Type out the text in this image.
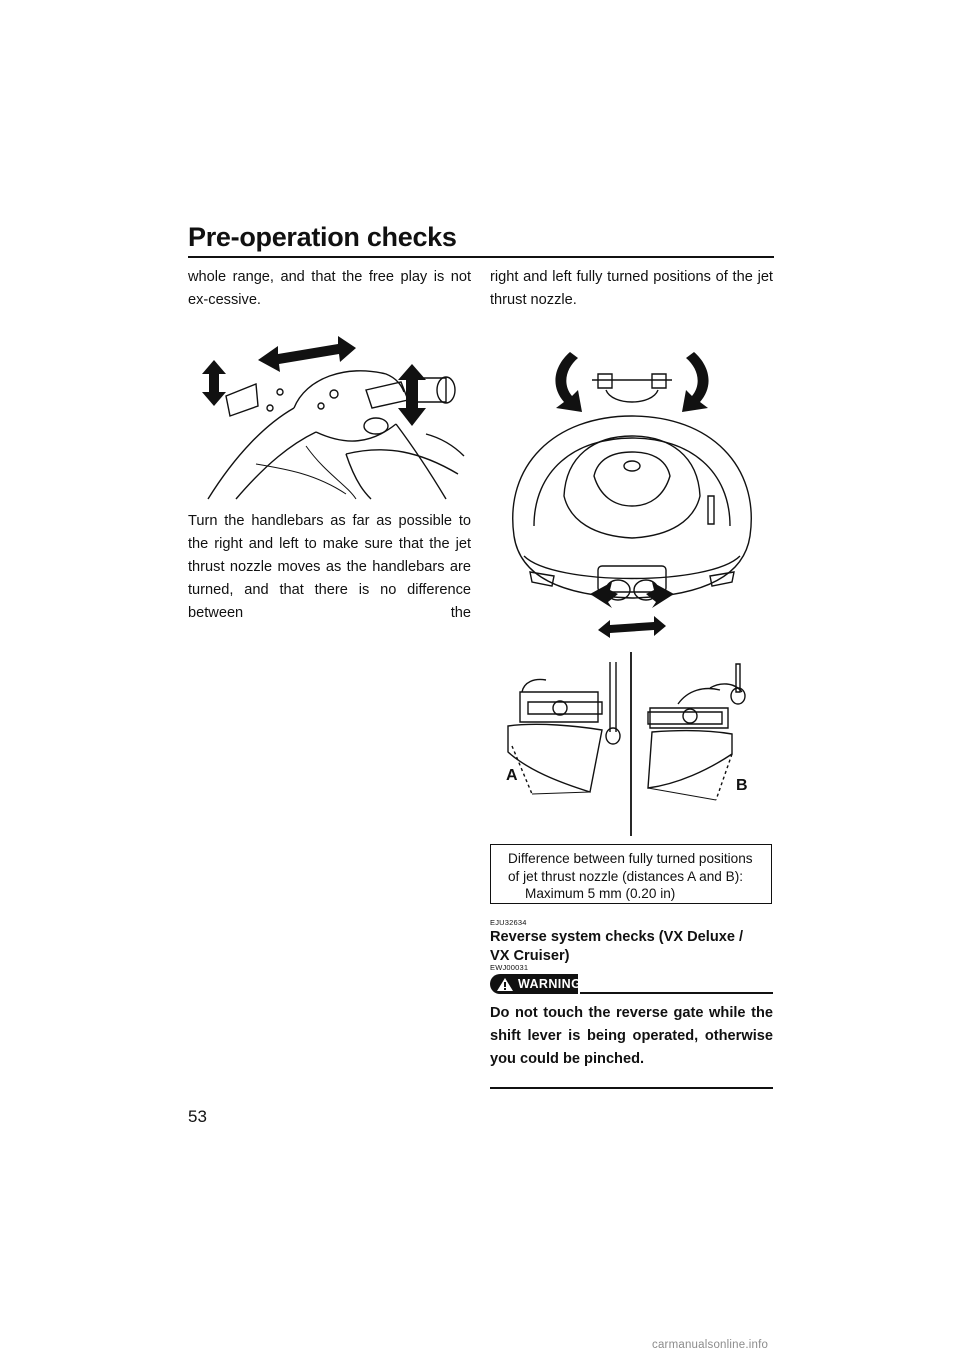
Pre-operation checks
whole range, and that the free play is not ex-cessive.
Turn the handlebars as far as possible to the right and left to make sure that the jet thrust nozzle moves as the handlebars are turned, and that there is no difference between the
right and left fully turned positions of the jet thrust nozzle.
A
B
Difference between fully turned positions
of jet thrust nozzle (distances A and B):
Maximum 5 mm (0.20 in)
EJU32634
Reverse system checks (VX Deluxe /
VX Cruiser)
EWJ00031
WARNING
Do not touch the reverse gate while the shift lever is being operated, otherwise you could be pinched.
53
carmanualsonline.info
